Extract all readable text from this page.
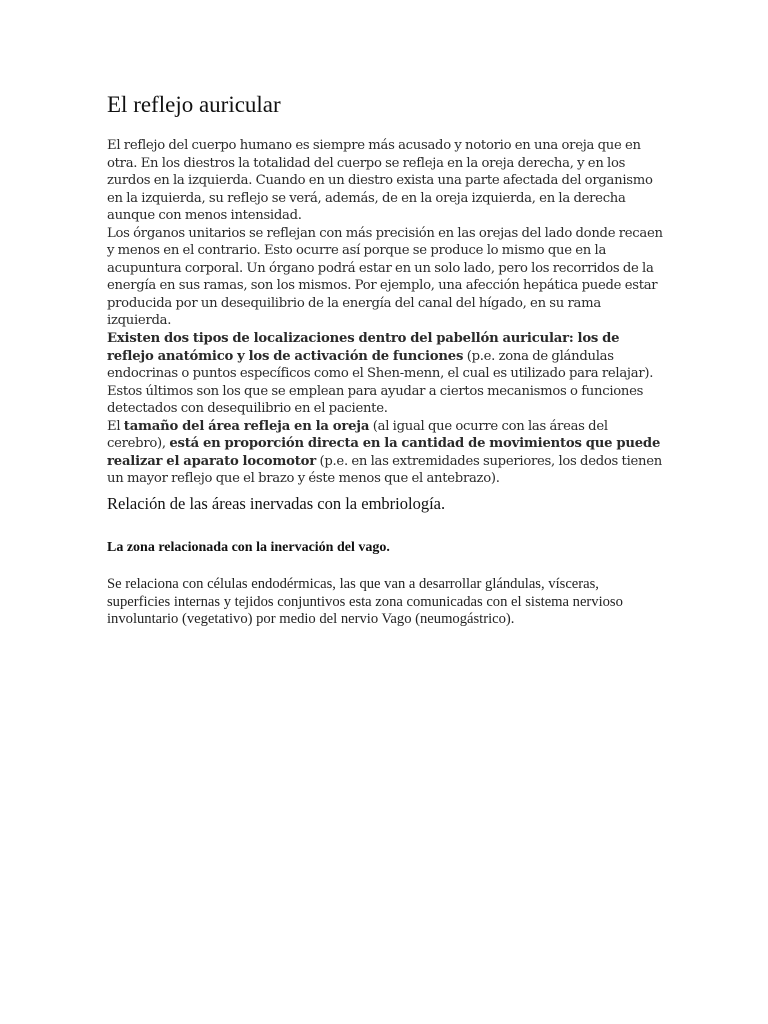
El reflejo auricular

El reflejo del cuerpo humano es siempre más acusado y notorio en una oreja que en otra. En los diestros la totalidad del cuerpo se refleja en la oreja derecha, y en los zurdos en la izquierda. Cuando en un diestro exista una parte afectada del organismo en la izquierda, su reflejo se verá, además, de en la oreja izquierda, en la derecha aunque con menos intensidad.

Los órganos unitarios se reflejan con más precisión en las orejas del lado donde recaen y menos en el contrario. Esto ocurre así porque se produce lo mismo que en la acupuntura corporal. Un órgano podrá estar en un solo lado, pero los recorridos de la energía en sus ramas, son los mismos. Por ejemplo, una afección hepática puede estar producida por un desequilibrio de la energía del canal del hígado, en su rama izquierda.

Existen dos tipos de localizaciones dentro del pabellón auricular: los de reflejo anatómico y los de activación de funciones (p.e. zona de glándulas endocrinas o puntos específicos como el Shen-menn, el cual es utilizado para relajar). Estos últimos son los que se emplean para ayudar a ciertos mecanismos o funciones detectados con desequilibrio en el paciente.

El tamaño del área refleja en la oreja (al igual que ocurre con las áreas del cerebro), está en proporción directa en la cantidad de movimientos que puede realizar el aparato locomotor (p.e. en las extremidades superiores, los dedos tienen un mayor reflejo que el brazo y éste menos que el antebrazo).

Relación de las áreas inervadas con la embriología.
La zona relacionada con la inervación del vago.

Se relaciona con células endodérmicas, las que van a desarrollar glándulas, vísceras, superficies internas y tejidos conjuntivos esta zona comunicadas con el sistema nervioso involuntario (vegetativo) por medio del nervio Vago (neumogástrico).
